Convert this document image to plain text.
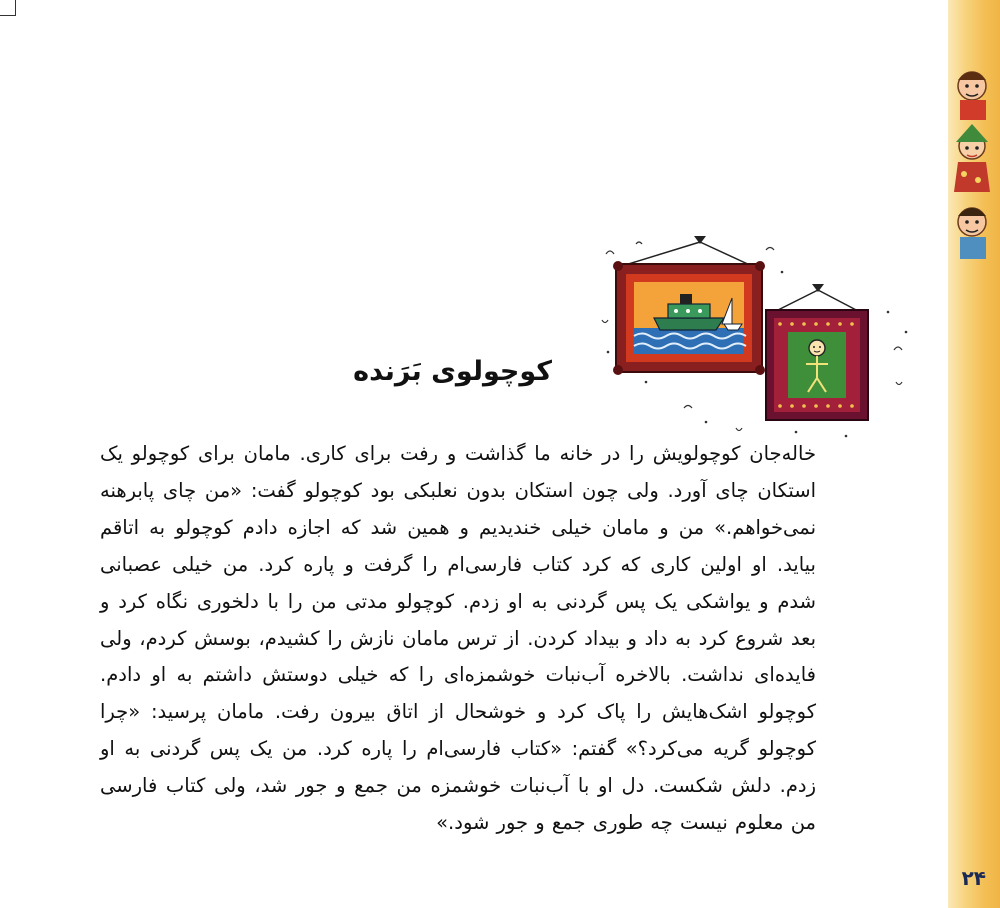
کوچولوی بَرَنده

خاله‌جان کوچولویش را در خانه ما گذاشت و رفت برای کاری. مامان برای کوچولو یک استکان چای آورد. ولی چون استکان بدون نعلبکی بود کوچولو گفت: «من چای پابرهنه نمی‌خواهم.» من و مامان خیلی خندیدیم و همین شد که اجازه دادم کوچولو به اتاقم بیاید. او اولین کاری که کرد کتاب فارسی‌ام را گرفت و پاره کرد. من خیلی عصبانی شدم و یواشکی یک پس گردنی به او زدم. کوچولو مدتی من را با دلخوری نگاه کرد و بعد شروع کرد به داد و بیداد کردن. از ترس مامان نازش را کشیدم، بوسش کردم، ولی فایده‌ای نداشت. بالاخره آب‌نبات خوشمزه‌ای را که خیلی دوستش داشتم به او دادم. کوچولو اشک‌هایش را پاک کرد و خوشحال از اتاق بیرون رفت. مامان پرسید: «چرا کوچولو گریه می‌کرد؟» گفتم: «کتاب فارسی‌ام را پاره کرد. من یک پس گردنی به او زدم. دلش شکست. دل او با آب‌نبات خوشمزه من جمع و جور شد، ولی کتاب فارسی من معلوم نیست چه طوری جمع و جور شود.»

۲۴
